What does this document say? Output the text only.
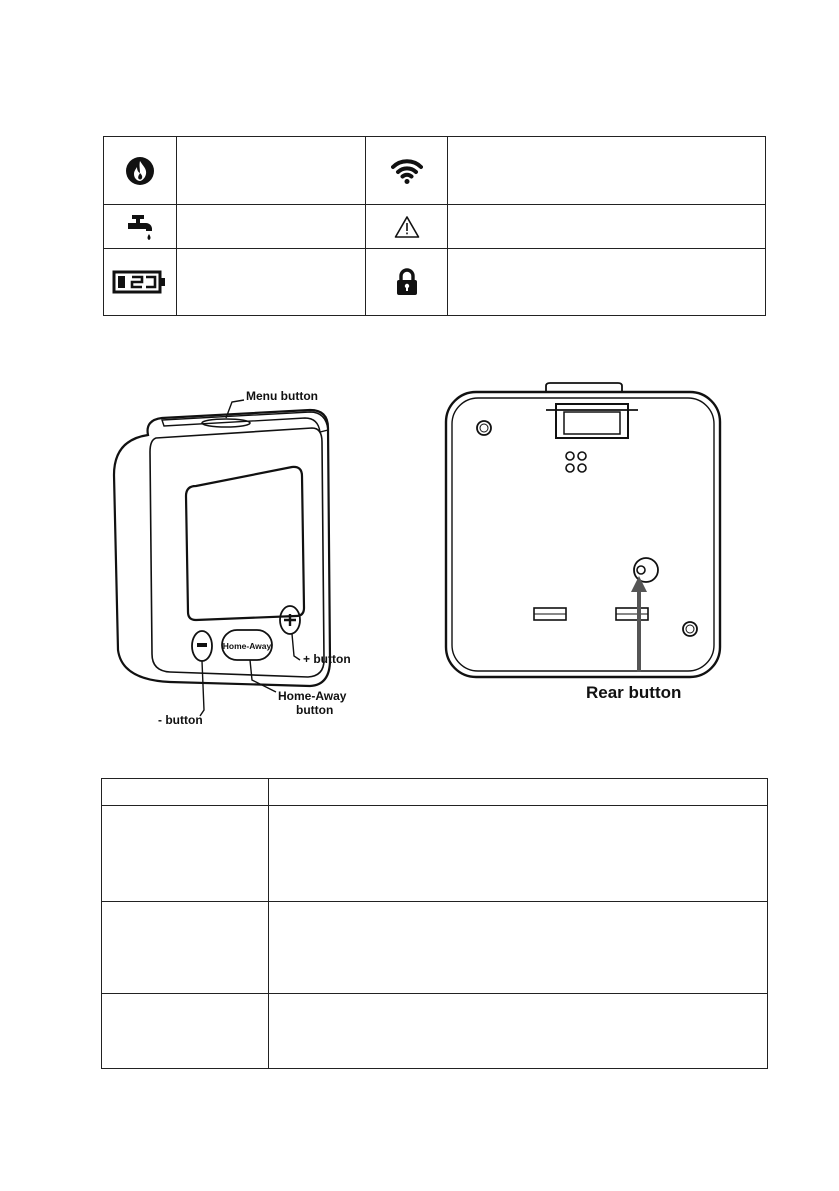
Home-Away
Menu button
+ button
Home-Away
button
- button
Rear button
